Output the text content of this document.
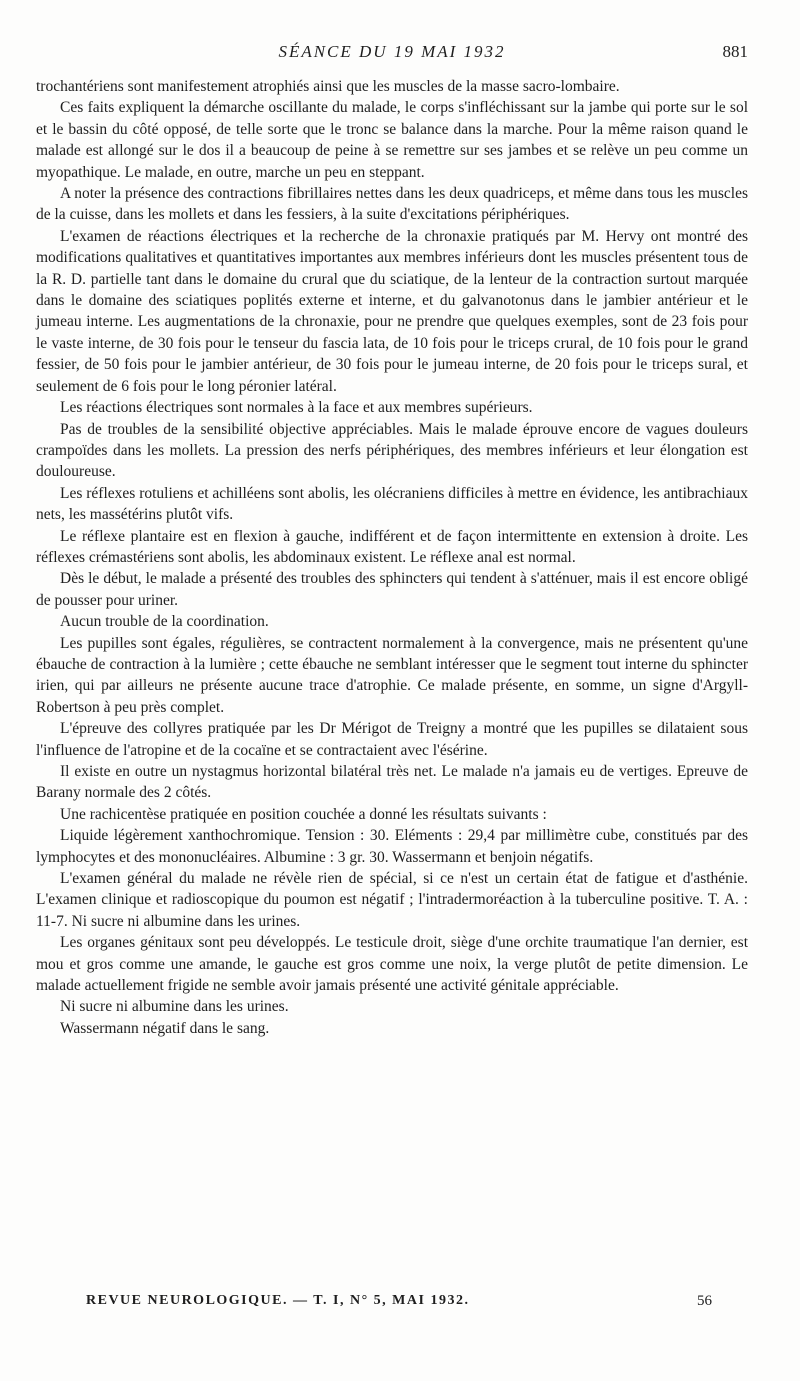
SÉANCE DU 19 MAI 1932	881

trochantériens sont manifestement atrophiés ainsi que les muscles de la masse sacro-lombaire.

Ces faits expliquent la démarche oscillante du malade, le corps s'infléchissant sur la jambe qui porte sur le sol et le bassin du côté opposé, de telle sorte que le tronc se balance dans la marche. Pour la même raison quand le malade est allongé sur le dos il a beaucoup de peine à se remettre sur ses jambes et se relève un peu comme un myopathique. Le malade, en outre, marche un peu en steppant.

A noter la présence des contractions fibrillaires nettes dans les deux quadriceps, et même dans tous les muscles de la cuisse, dans les mollets et dans les fessiers, à la suite d'excitations périphériques.

L'examen de réactions électriques et la recherche de la chronaxie pratiqués par M. Hervy ont montré des modifications qualitatives et quantitatives importantes aux membres inférieurs dont les muscles présentent tous de la R. D. partielle tant dans le domaine du crural que du sciatique, de la lenteur de la contraction surtout marquée dans le domaine des sciatiques poplités externe et interne, et du galvanotonus dans le jambier antérieur et le jumeau interne. Les augmentations de la chronaxie, pour ne prendre que quelques exemples, sont de 23 fois pour le vaste interne, de 30 fois pour le tenseur du fascia lata, de 10 fois pour le triceps crural, de 10 fois pour le grand fessier, de 50 fois pour le jambier antérieur, de 30 fois pour le jumeau interne, de 20 fois pour le triceps sural, et seulement de 6 fois pour le long péronier latéral.

Les réactions électriques sont normales à la face et aux membres supérieurs.

Pas de troubles de la sensibilité objective appréciables. Mais le malade éprouve encore de vagues douleurs crampoïdes dans les mollets. La pression des nerfs périphériques, des membres inférieurs et leur élongation est douloureuse.

Les réflexes rotuliens et achilléens sont abolis, les olécraniens difficiles à mettre en évidence, les antibrachiaux nets, les massétérins plutôt vifs.

Le réflexe plantaire est en flexion à gauche, indifférent et de façon intermittente en extension à droite. Les réflexes crémastériens sont abolis, les abdominaux existent. Le réflexe anal est normal.

Dès le début, le malade a présenté des troubles des sphincters qui tendent à s'atténuer, mais il est encore obligé de pousser pour uriner.

Aucun trouble de la coordination.

Les pupilles sont égales, régulières, se contractent normalement à la convergence, mais ne présentent qu'une ébauche de contraction à la lumière ; cette ébauche ne semblant intéresser que le segment tout interne du sphincter irien, qui par ailleurs ne présente aucune trace d'atrophie. Ce malade présente, en somme, un signe d'Argyll-Robertson à peu près complet.

L'épreuve des collyres pratiquée par les Dr Mérigot de Treigny a montré que les pupilles se dilataient sous l'influence de l'atropine et de la cocaïne et se contractaient avec l'ésérine.

Il existe en outre un nystagmus horizontal bilatéral très net. Le malade n'a jamais eu de vertiges. Epreuve de Barany normale des 2 côtés.

Une rachicentèse pratiquée en position couchée a donné les résultats suivants :

Liquide légèrement xanthochromique. Tension : 30. Eléments : 29,4 par millimètre cube, constitués par des lymphocytes et des mononucléaires. Albumine : 3 gr. 30. Wassermann et benjoin négatifs.

L'examen général du malade ne révèle rien de spécial, si ce n'est un certain état de fatigue et d'asthénie. L'examen clinique et radioscopique du poumon est négatif ; l'intradermoréaction à la tuberculine positive. T. A. : 11-7. Ni sucre ni albumine dans les urines.

Les organes génitaux sont peu développés. Le testicule droit, siège d'une orchite traumatique l'an dernier, est mou et gros comme une amande, le gauche est gros comme une noix, la verge plutôt de petite dimension. Le malade actuellement frigide ne semble avoir jamais présenté une activité génitale appréciable.

Ni sucre ni albumine dans les urines.

Wassermann négatif dans le sang.

REVUE NEUROLOGIQUE. — T. I, N° 5, MAI 1932.	56
